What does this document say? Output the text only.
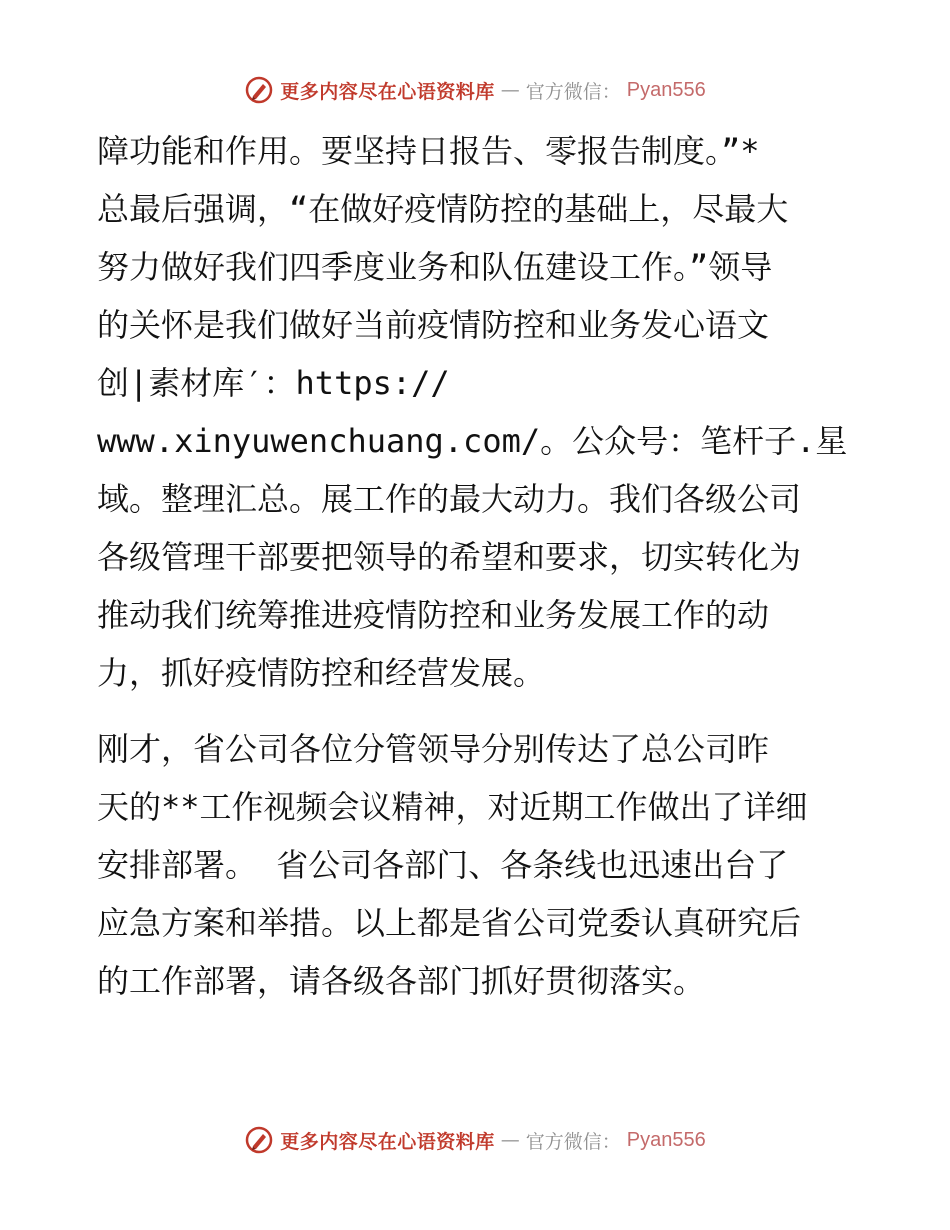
更多内容尽在心语资料库 — 官方微信： Pyan556
障功能和作用。要坚持日报告、零报告制度。”*
总最后强调，“在做好疫情防控的基础上，尽最大
努力做好我们四季度业务和队伍建设工作。”领导
的关怀是我们做好当前疫情防控和业务发心语文
创|素材库′：https://
www.xinyuwenchuang.com/。公众号：笔杆子.星
域。整理汇总。展工作的最大动力。我们各级公司
各级管理干部要把领导的希望和要求，切实转化为
推动我们统筹推进疫情防控和业务发展工作的动
力，抓好疫情防控和经营发展。
刚才，省公司各位分管领导分别传达了总公司昨
天的**工作视频会议精神，对近期工作做出了详细
安排部署。 省公司各部门、各条线也迅速出台了
应急方案和举措。以上都是省公司党委认真研究后
的工作部署，请各级各部门抓好贯彻落实。
更多内容尽在心语资料库 — 官方微信： Pyan556
